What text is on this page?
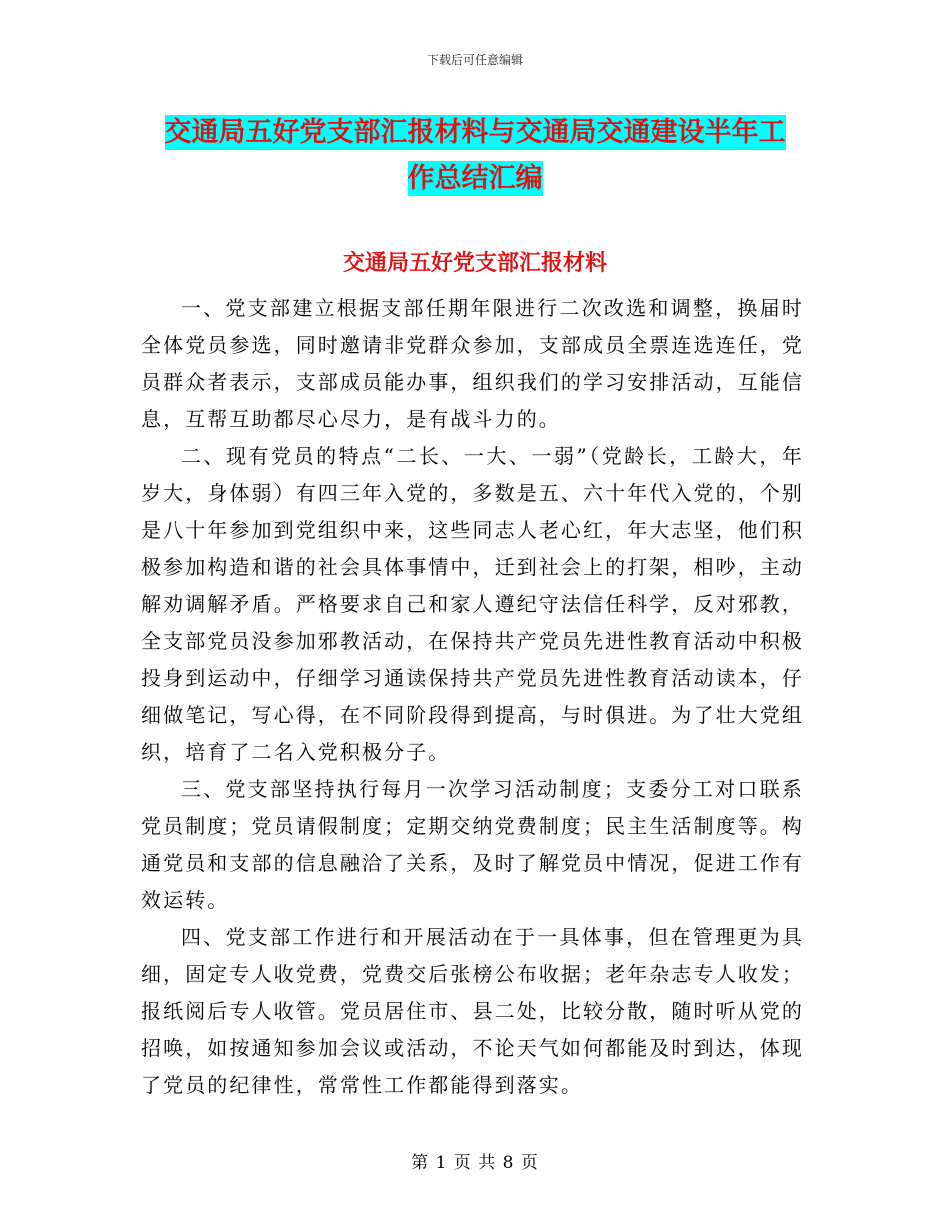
下载后可任意编辑
交通局五好党支部汇报材料与交通局交通建设半年工
作总结汇编
交通局五好党支部汇报材料

一、党支部建立根据支部任期年限进行二次改选和调整，换届时全体党员参选，同时邀请非党群众参加，支部成员全票连选连任，党员群众者表示，支部成员能办事，组织我们的学习安排活动，互能信息，互帮互助都尽心尽力，是有战斗力的。

二、现有党员的特点“二长、一大、一弱”（党龄长，工龄大，年岁大，身体弱）有四三年入党的，多数是五、六十年代入党的，个别是八十年参加到党组织中来，这些同志人老心红，年大志坚，他们积极参加构造和谐的社会具体事情中，迁到社会上的打架，相吵，主动解劝调解矛盾。严格要求自己和家人遵纪守法信任科学，反对邪教，全支部党员没参加邪教活动，在保持共产党员先进性教育活动中积极投身到运动中，仔细学习通读保持共产党员先进性教育活动读本，仔细做笔记，写心得，在不同阶段得到提高，与时俱进。为了壮大党组织，培育了二名入党积极分子。

三、党支部坚持执行每月一次学习活动制度；支委分工对口联系党员制度；党员请假制度；定期交纳党费制度；民主生活制度等。构通党员和支部的信息融洽了关系，及时了解党员中情况，促进工作有效运转。

四、党支部工作进行和开展活动在于一具体事，但在管理更为具细，固定专人收党费，党费交后张榜公布收据；老年杂志专人收发；报纸阅后专人收管。党员居住市、县二处，比较分散，随时听从党的招唤，如按通知参加会议或活动，不论天气如何都能及时到达，体现了党员的纪律性，常常性工作都能得到落实。

第 1 页 共 8 页
